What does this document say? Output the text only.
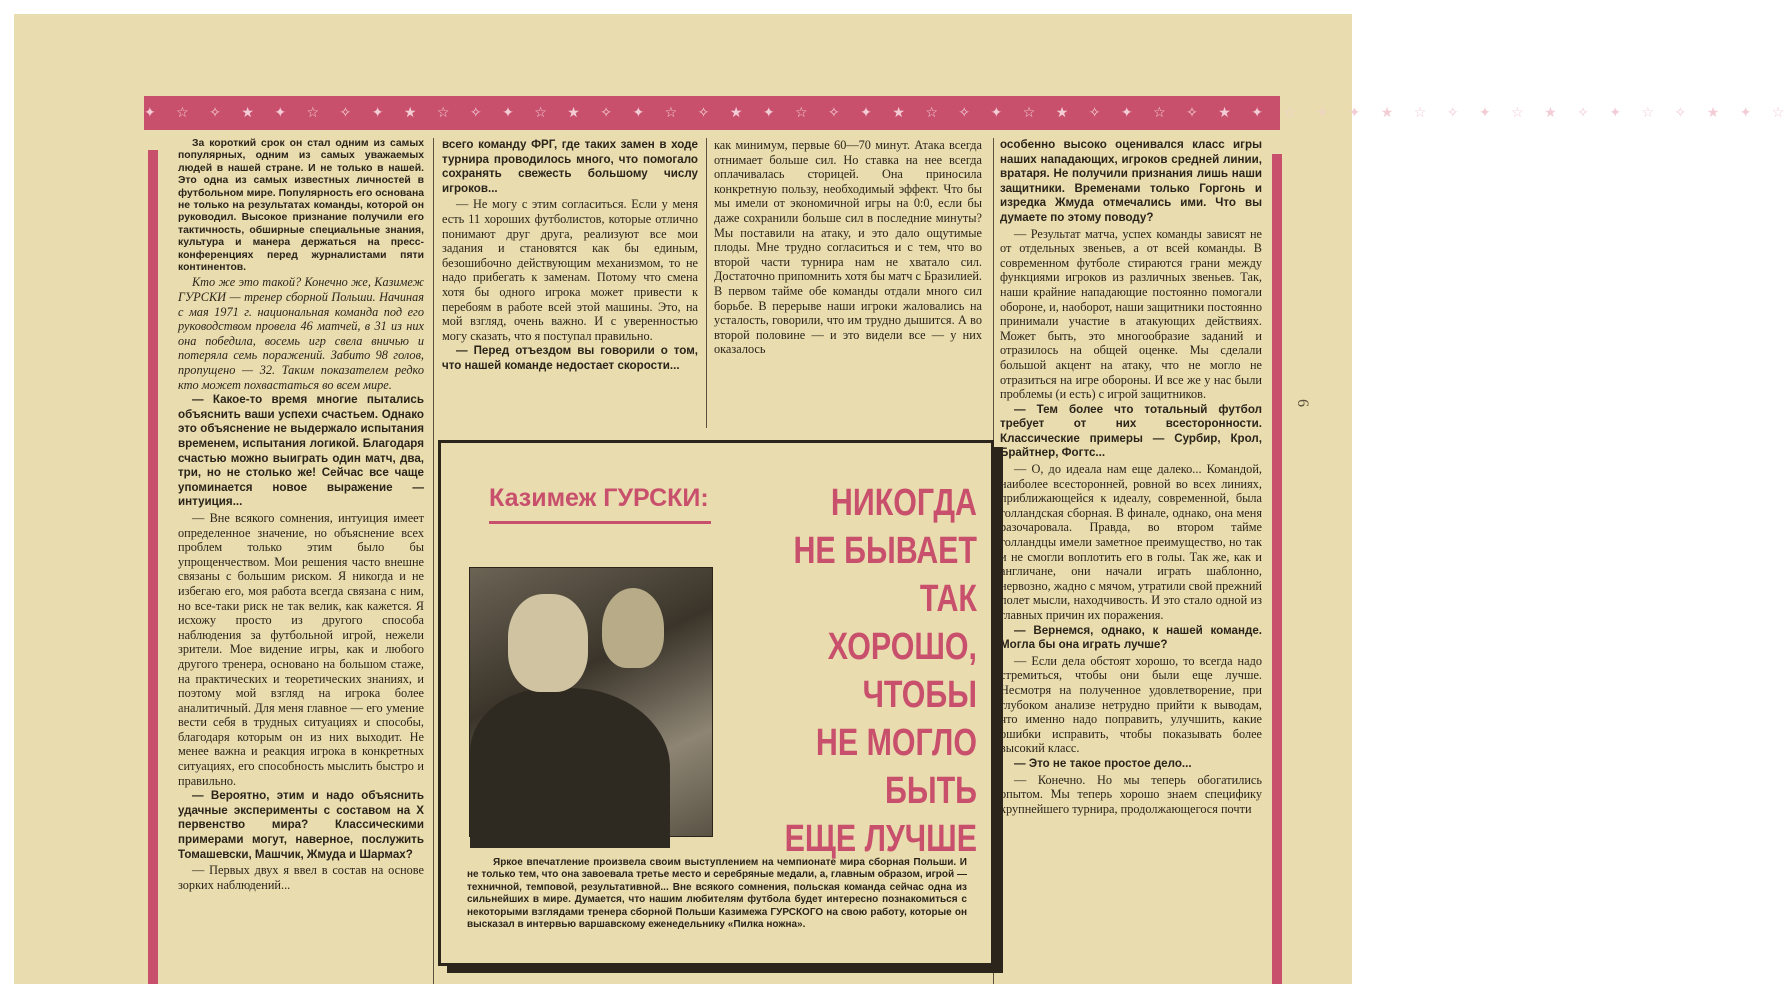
✦ ☆ ✧ ★ ✦ ☆ ✧ ✦ ★ ☆ ✧ ✦ ☆ ★ ✧ ✦ ☆ ✧ ★ ✦ ☆ ✧ ✦ ★ ☆ ✧ ✦ ☆ ★ ✧ ✦ ☆ ✧ ★ ✦ ☆ ✧ ✦ ★ ☆ ✧ ✦ ☆ ★ ✧ ✦ ☆ ✧ ★ ✦ ☆

За короткий срок он стал одним из самых популярных, одним из самых уважаемых людей в нашей стране. И не только в нашей. Это одна из самых известных личностей в футбольном мире. Популярность его основана не только на результатах команды, которой он руководил. Высокое признание получили его тактичность, обширные специальные знания, культура и манера держаться на пресс-конференциях перед журналистами пяти континентов.

Кто же это такой? Конечно же, Казимеж ГУРСКИ — тренер сборной Польши. Начиная с мая 1971 г. национальная команда под его руководством провела 46 матчей, в 31 из них она победила, восемь игр свела вничью и потеряла семь поражений. Забито 98 голов, пропущено — 32. Таким показателем редко кто может похвастаться во всем мире.

— Какое-то время многие пытались объяснить ваши успехи счастьем. Однако это объяснение не выдержало испытания временем, испытания логикой. Благодаря счастью можно выиграть один матч, два, три, но не столько же! Сейчас все чаще упоминается новое выражение — интуиция...

— Вне всякого сомнения, интуиция имеет определенное значение, но объяснение всех проблем только этим было бы упрощенчеством. Мои решения часто внешне связаны с большим риском. Я никогда и не избегаю его, моя работа всегда связана с ним, но все-таки риск не так велик, как кажется. Я исхожу просто из другого способа наблюдения за футбольной игрой, нежели зрители. Мое видение игры, как и любого другого тренера, основано на большом стаже, на практических и теоретических знаниях, и поэтому мой взгляд на игрока более аналитичный. Для меня главное — его умение вести себя в трудных ситуациях и способы, благодаря которым он из них выходит. Не менее важна и реакция игрока в конкретных ситуациях, его способность мыслить быстро и правильно.

— Вероятно, этим и надо объяснить удачные эксперименты с составом на X первенство мира? Классическими примерами могут, наверное, послужить Томашевски, Машчик, Жмуда и Шармах?

— Первых двух я ввел в состав на основе зорких наблюдений...

всего команду ФРГ, где таких замен в ходе турнира проводилось много, что помогало сохранять свежесть большому числу игроков...

— Не могу с этим согласиться. Если у меня есть 11 хороших футболистов, которые отлично понимают друг друга, реализуют все мои задания и становятся как бы единым, безошибочно действующим механизмом, то не надо прибегать к заменам. Потому что смена хотя бы одного игрока может привести к перебоям в работе всей этой машины. Это, на мой взгляд, очень важно. И с уверенностью могу сказать, что я поступал правильно.

— Перед отъездом вы говорили о том, что нашей команде недостает скорости...

как минимум, первые 60—70 минут. Атака всегда отнимает больше сил. Но ставка на нее всегда оплачивалась сторицей. Она приносила конкретную пользу, необходимый эффект. Что бы мы имели от экономичной игры на 0:0, если бы даже сохранили больше сил в последние минуты? Мы поставили на атаку, и это дало ощутимые плоды. Мне трудно согласиться и с тем, что во второй части турнира нам не хватало сил. Достаточно припомнить хотя бы матч с Бразилией. В первом тайме обе команды отдали много сил борьбе. В перерыве наши игроки жаловались на усталость, говорили, что им трудно дышится. А во второй половине — и это видели все — у них оказалось

особенно высоко оценивался класс игры наших нападающих, игроков средней линии, вратаря. Не получили признания лишь наши защитники. Временами только Горгонь и изредка Жмуда отмечались ими. Что вы думаете по этому поводу?

— Результат матча, успех команды зависят не от отдельных звеньев, а от всей команды. В современном футболе стираются грани между функциями игроков из различных звеньев. Так, наши крайние нападающие постоянно помогали обороне, и, наоборот, наши защитники постоянно принимали участие в атакующих действиях. Может быть, это многообразие заданий и отразилось на общей оценке. Мы сделали большой акцент на атаку, что не могло не отразиться на игре обороны. И все же у нас были проблемы (и есть) с игрой защитников.

— Тем более что тотальный футбол требует от них всесторонности. Классические примеры — Сурбир, Крол, Брайтнер, Фогтс...

— О, до идеала нам еще далеко... Командой, наиболее всесторонней, ровной во всех линиях, приближающейся к идеалу, современной, была голландская сборная. В финале, однако, она меня разочаровала. Правда, во втором тайме голландцы имели заметное преимущество, но так и не смогли воплотить его в голы. Так же, как и англичане, они начали играть шаблонно, нервозно, жадно с мячом, утратили свой прежний полет мысли, находчивость. И это стало одной из главных причин их поражения.

— Вернемся, однако, к нашей команде. Могла бы она играть лучше?

— Если дела обстоят хорошо, то всегда надо стремиться, чтобы они были еще лучше. Несмотря на полученное удовлетворение, при глубоком анализе нетрудно прийти к выводам, что именно надо поправить, улучшить, какие ошибки исправить, чтобы показывать более высокий класс.

— Это не такое простое дело...

— Конечно. Но мы теперь обогатились опытом. Мы теперь хорошо знаем специфику крупнейшего турнира, продолжающегося почти

Казимеж ГУРСКИ:	НИКОГДА
НЕ БЫВАЕТ
ТАК
ХОРОШО,
ЧТОБЫ
НЕ МОГЛО
БЫТЬ
ЕЩЕ ЛУЧШЕ

Яркое впечатление произвела своим выступлением на чемпионате мира сборная Польши. И не только тем, что она завоевала третье место и серебряные медали, а, главным образом, игрой — техничной, темповой, результативной... Вне всякого сомнения, польская команда сейчас одна из сильнейших в мире. Думается, что нашим любителям футбола будет интересно познакомиться с некоторыми взглядами тренера сборной Польши Казимежа ГУРСКОГО на свою работу, которые он высказал в интервью варшавскому еженедельнику «Пилка ножна».

6
